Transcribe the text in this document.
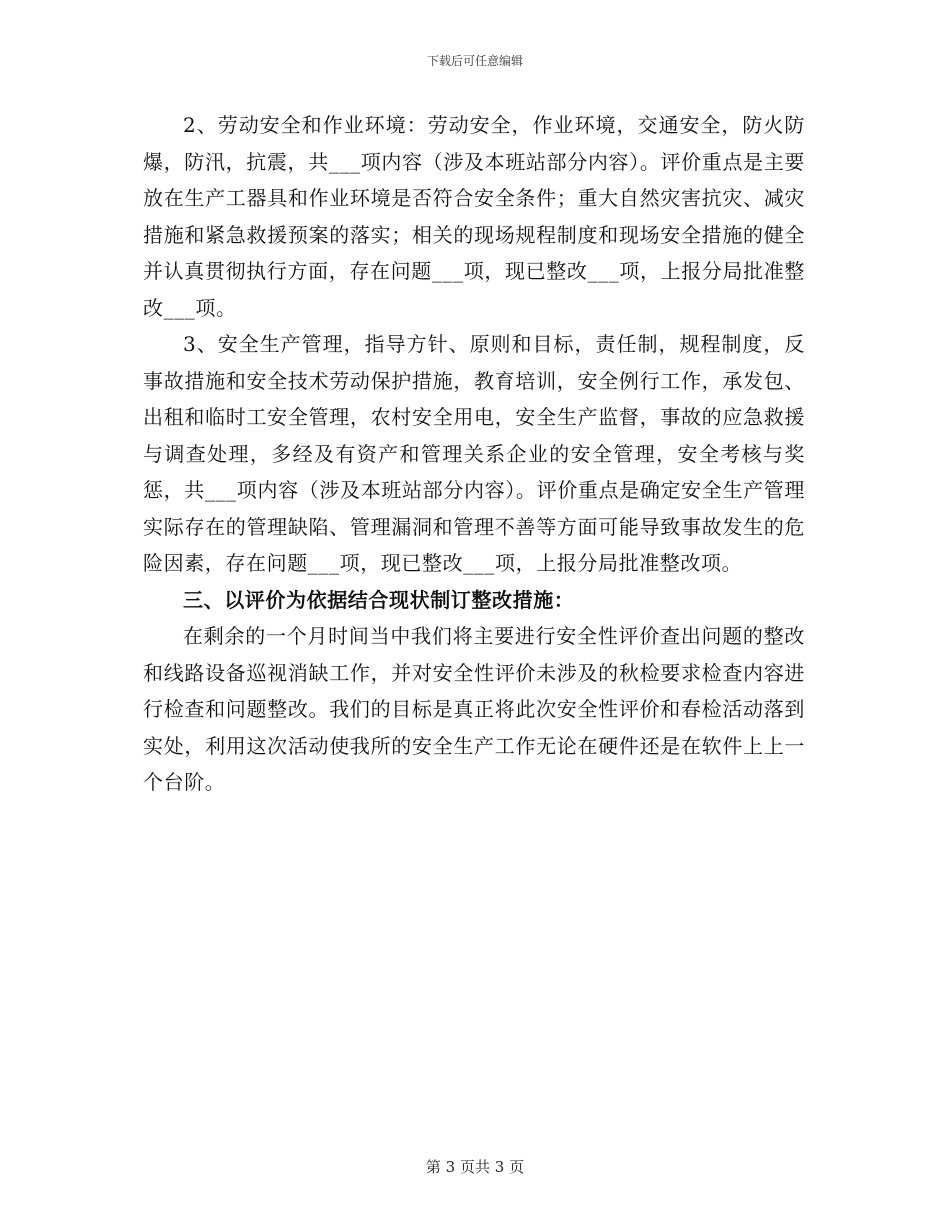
下载后可任意编辑

2、劳动安全和作业环境：劳动安全，作业环境，交通安全，防火防爆，防汛，抗震，共___项内容（涉及本班站部分内容）。评价重点是主要放在生产工器具和作业环境是否符合安全条件；重大自然灾害抗灾、减灾措施和紧急救援预案的落实；相关的现场规程制度和现场安全措施的健全并认真贯彻执行方面，存在问题___项，现已整改___项，上报分局批准整改___项。

3、安全生产管理，指导方针、原则和目标，责任制，规程制度，反事故措施和安全技术劳动保护措施，教育培训，安全例行工作，承发包、出租和临时工安全管理，农村安全用电，安全生产监督，事故的应急救援与调查处理，多经及有资产和管理关系企业的安全管理，安全考核与奖惩，共___项内容（涉及本班站部分内容）。评价重点是确定安全生产管理实际存在的管理缺陷、管理漏洞和管理不善等方面可能导致事故发生的危险因素，存在问题___项，现已整改___项，上报分局批准整改项。

三、以评价为依据结合现状制订整改措施：

在剩余的一个月时间当中我们将主要进行安全性评价查出问题的整改和线路设备巡视消缺工作，并对安全性评价未涉及的秋检要求检查内容进行检查和问题整改。我们的目标是真正将此次安全性评价和春检活动落到实处，利用这次活动使我所的安全生产工作无论在硬件还是在软件上上一个台阶。

第 3 页共 3 页
